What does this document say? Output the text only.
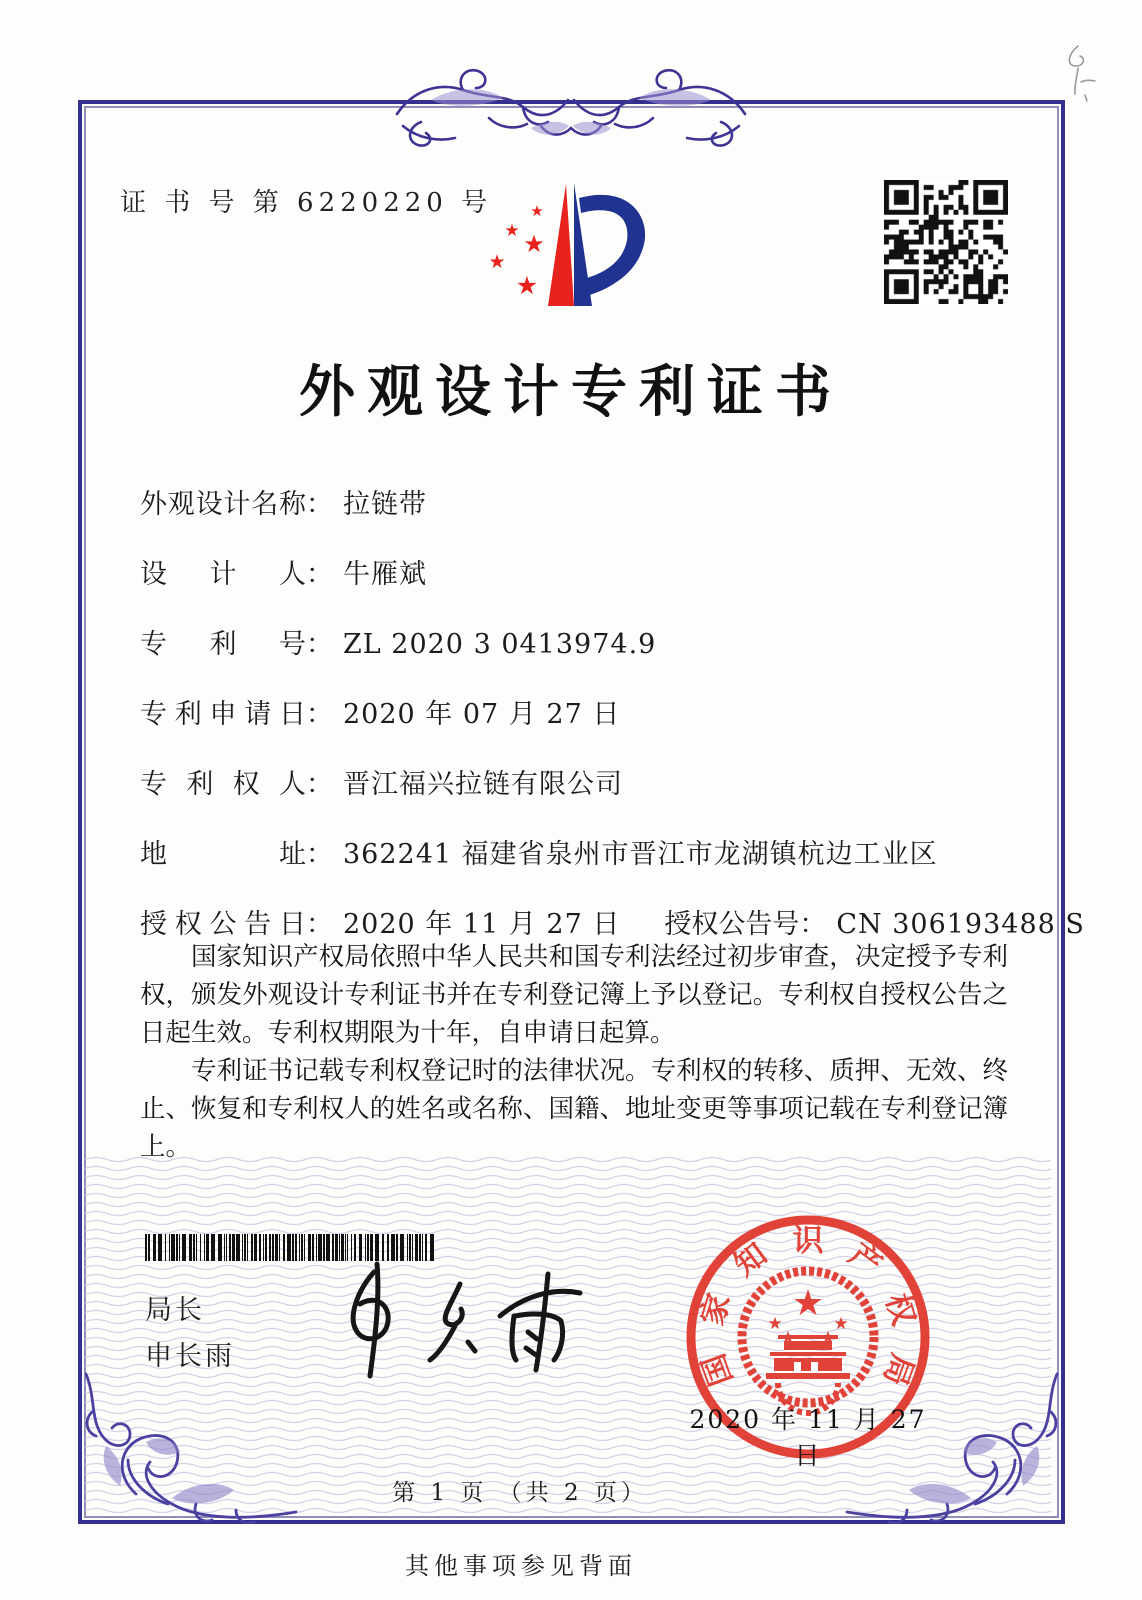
证 书 号 第 6220220 号	★
★ ★
★
★
外观设计专利证书
外观设计名称： 拉链带
设计人： 牛雁斌
专利号： ZL 2020 3 0413974.9
专利申请日： 2020 年 07 月 27 日
专利权人： 晋江福兴拉链有限公司
地址： 362241 福建省泉州市晋江市龙湖镇杭边工业区
授权公告日： 2020 年 11 月 27 日 授权公告号： CN 306193488 S

国家知识产权局依照中华人民共和国专利法经过初步审查，决定授予专利权，颁发外观设计专利证书并在专利登记簿上予以登记。专利权自授权公告之日起生效。专利权期限为十年，自申请日起算。

专利证书记载专利权登记时的法律状况。专利权的转移、质押、无效、终止、恢复和专利权人的姓名或名称、国籍、地址变更等事项记载在专利登记簿上。

局长
申长雨	国
家
知 识 产
权
局
★
★	★
2020 年 11 月 27 日
第 1 页 （共 2 页）
其他事项参见背面
